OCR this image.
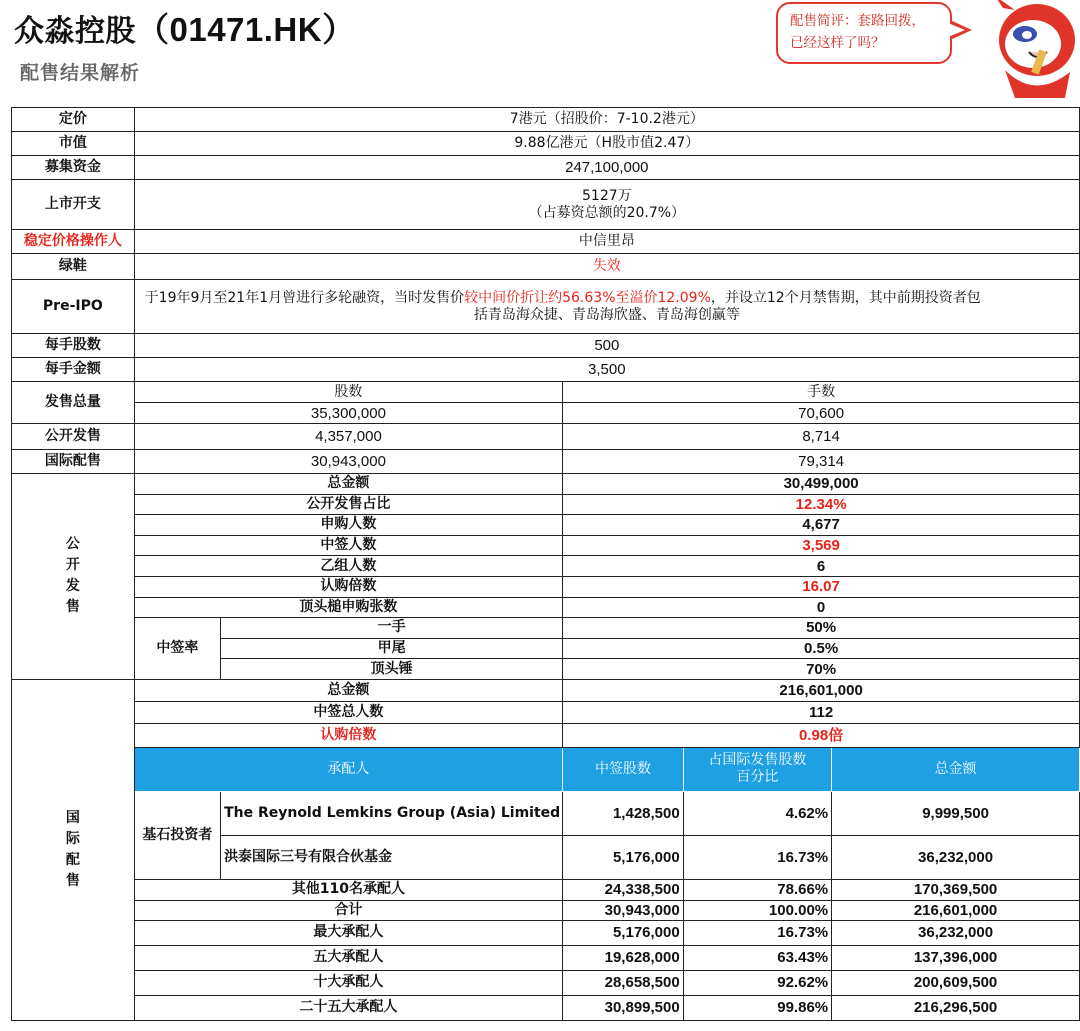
众淼控股（01471.HK）
配售结果解析
配售简评：套路回拨，
已经这样了吗？
定价	7港元（招股价：7-10.2港元）				
市值	9.88亿港元（H股市值2.47）				
募集资金	247,100,000				
上市开支	5127万
（占募资总额的20.7%）				

稳定价格操作人	中信里昂				
绿鞋	失效				
Pre-IPO	于19年9月至21年1月曾进行多轮融资，当时发售价较中间价折让约56.63%至溢价12.09%，并设立12个月禁售期，其中前期投资者包
括青岛海众捷、青岛海欣盛、青岛海创赢等				

每手股数	500				
每手金额	3,500				
发售总量	股数		手数		
	35,300,000		70,600		
公开发售	4,357,000		8,714		
国际配售	30,943,000		79,314		

公
开
发
售	总金额		30,499,000		
	公开发售占比		12.34%		
	申购人数		4,677		
	中签人数		3,569		
	乙组人数		6		
	认购倍数		16.07		
	顶头槌申购张数		0		
	中签率	一手	50%		
		甲尾	0.5%		
		顶头锤	70%		

国
际
配
售	总金额		216,601,000		
	中签总人数		112		
	认购倍数		0.98倍		
	承配人		中签股数	占国际发售股数
百分比	总金额
	基石投资者	The Reynold Lemkins Group (Asia) Limited	1,428,500	4.62%	9,999,500
		洪泰国际三号有限合伙基金	5,176,000	16.73%	36,232,000
	其他110名承配人		24,338,500	78.66%	170,369,500
	合计		30,943,000	100.00%	216,601,000
	最大承配人		5,176,000	16.73%	36,232,000
	五大承配人		19,628,000	63.43%	137,396,000
	十大承配人		28,658,500	92.62%	200,609,500
	二十五大承配人		30,899,500	99.86%	216,296,500
